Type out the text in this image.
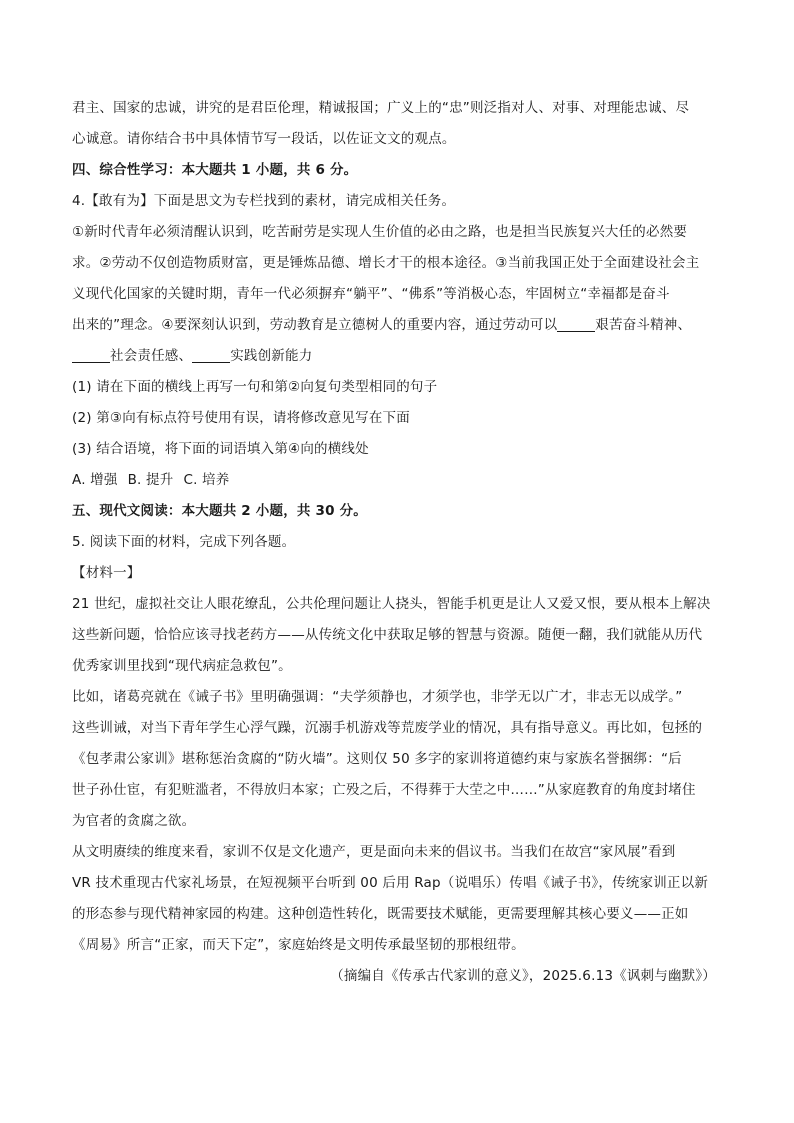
君主、国家的忠诚，讲究的是君臣伦理，精诚报国；广义上的“忠”则泛指对人、对事、对理能忠诚、尽

心诚意。请你结合书中具体情节写一段话，以佐证文文的观点。

四、综合性学习：本大题共 1 小题，共 6 分。

4.【敢有为】下面是思文为专栏找到的素材，请完成相关任务。

①新时代青年必须清醒认识到，吃苦耐劳是实现人生价值的必由之路，也是担当民族复兴大任的必然要

求。②劳动不仅创造物质财富，更是锤炼品德、增长才干的根本途径。③当前我国正处于全面建设社会主

义现代化国家的关键时期，青年一代必须摒弃“躺平”、“佛系”等消极心态，牢固树立“幸福都是奋斗

出来的”理念。④要深刻认识到，劳动教育是立德树人的重要内容，通过劳动可以	艰苦奋斗精神、

社会责任感、	实践创新能力

(1) 请在下面的横线上再写一句和第②向复句类型相同的句子

(2) 第③向有标点符号使用有误，请将修改意见写在下面

(3) 结合语境，将下面的词语填入第④向的横线处

A. 增强 B. 提升 C. 培养

五、现代文阅读：本大题共 2 小题，共 30 分。

5. 阅读下面的材料，完成下列各题。

【材料一】

21 世纪，虚拟社交让人眼花缭乱，公共伦理问题让人挠头，智能手机更是让人又爱又恨，要从根本上解决

这些新问题，恰恰应该寻找老药方——从传统文化中获取足够的智慧与资源。随便一翻，我们就能从历代

优秀家训里找到“现代病症急救包”。

比如，诸葛亮就在《诫子书》里明确强调：“夫学须静也，才须学也，非学无以广才，非志无以成学。”

这些训诫，对当下青年学生心浮气躁，沉溺手机游戏等荒废学业的情况，具有指导意义。再比如，包拯的

《包孝肃公家训》堪称惩治贪腐的“防火墙”。这则仅 50 多字的家训将道德约束与家族名誉捆绑：“后

世子孙仕宦，有犯赃滥者，不得放归本家；亡殁之后，不得葬于大茔之中……”从家庭教育的角度封堵住

为官者的贪腐之欲。

从文明赓续的维度来看，家训不仅是文化遗产，更是面向未来的倡议书。当我们在故宫“家风展”看到

VR 技术重现古代家礼场景，在短视频平台听到 00 后用 Rap（说唱乐）传唱《诫子书》，传统家训正以新

的形态参与现代精神家园的构建。这种创造性转化，既需要技术赋能，更需要理解其核心要义——正如

《周易》所言“正家，而天下定”，家庭始终是文明传承最坚韧的那根纽带。

（摘编自《传承古代家训的意义》，2025.6.13《讽刺与幽默》）
